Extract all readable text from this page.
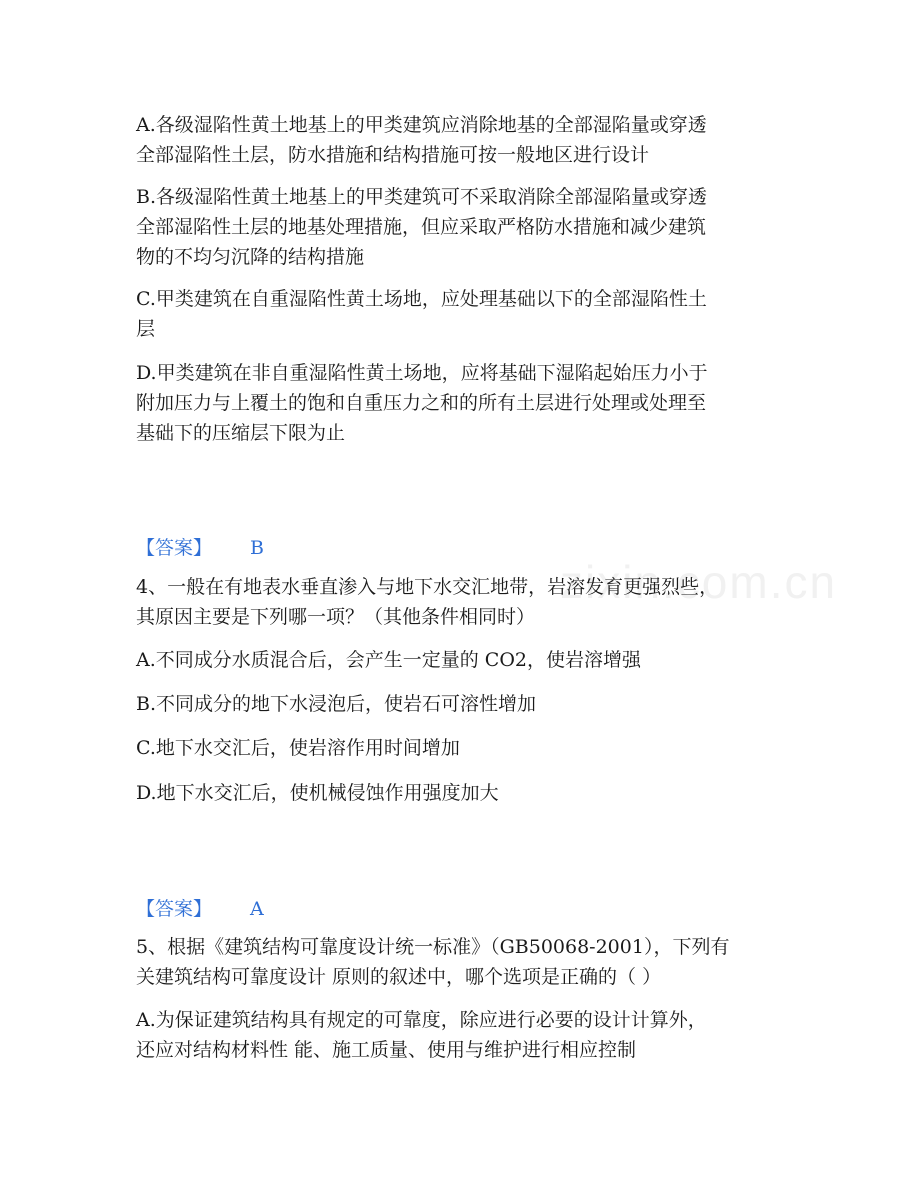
zixin.com.cn
A.各级湿陷性黄土地基上的甲类建筑应消除地基的全部湿陷量或穿透
全部湿陷性土层，防水措施和结构措施可按一般地区进行设计
B.各级湿陷性黄土地基上的甲类建筑可不采取消除全部湿陷量或穿透
全部湿陷性土层的地基处理措施，但应采取严格防水措施和减少建筑
物的不均匀沉降的结构措施
C.甲类建筑在自重湿陷性黄土场地，应处理基础以下的全部湿陷性土
层
D.甲类建筑在非自重湿陷性黄土场地，应将基础下湿陷起始压力小于
附加压力与上覆土的饱和自重压力之和的所有土层进行处理或处理至
基础下的压缩层下限为止
【答案】 B
4、一般在有地表水垂直渗入与地下水交汇地带，岩溶发育更强烈些，
其原因主要是下列哪一项？（其他条件相同时）
A.不同成分水质混合后，会产生一定量的 CO2，使岩溶增强
B.不同成分的地下水浸泡后，使岩石可溶性增加
C.地下水交汇后，使岩溶作用时间增加
D.地下水交汇后，使机械侵蚀作用强度加大
【答案】 A
5、根据《建筑结构可靠度设计统一标准》（GB50068-2001），下列有
关建筑结构可靠度设计 原则的叙述中，哪个选项是正确的（ ）
A.为保证建筑结构具有规定的可靠度，除应进行必要的设计计算外，
还应对结构材料性 能、施工质量、使用与维护进行相应控制
